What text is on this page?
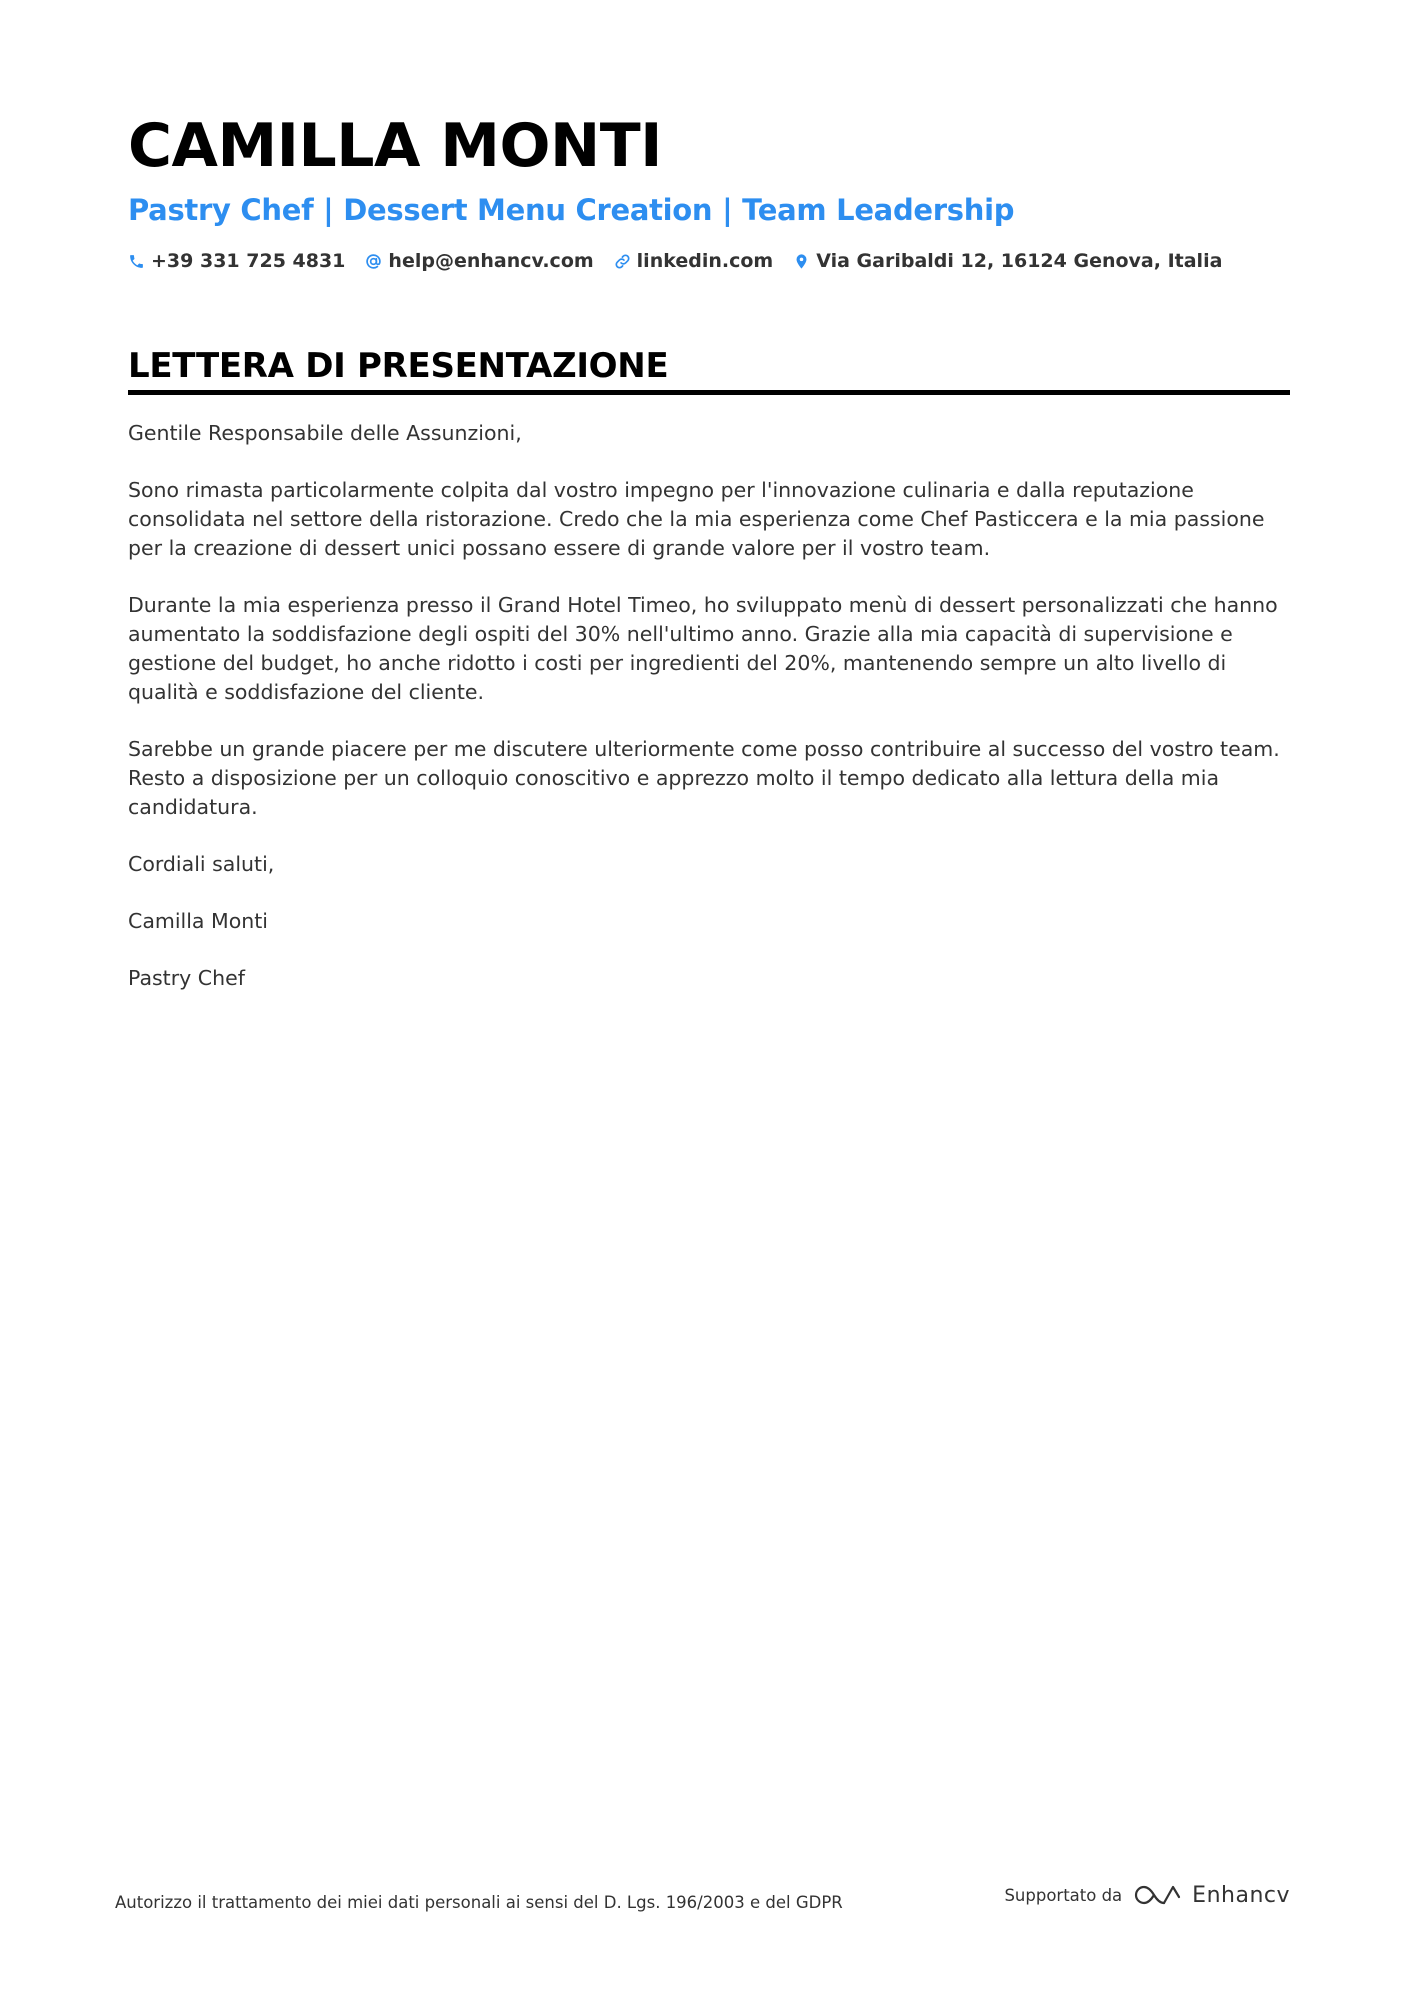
CAMILLA MONTI
Pastry Chef | Dessert Menu Creation | Team Leadership
+39 331 725 4831 help@enhancv.com linkedin.com Via Garibaldi 12, 16124 Genova, Italia
LETTERA DI PRESENTAZIONE

Gentile Responsabile delle Assunzioni,

Sono rimasta particolarmente colpita dal vostro impegno per l'innovazione culinaria e dalla reputazione consolidata nel settore della ristorazione. Credo che la mia esperienza come Chef Pasticcera e la mia passione per la creazione di dessert unici possano essere di grande valore per il vostro team.

Durante la mia esperienza presso il Grand Hotel Timeo, ho sviluppato menù di dessert personalizzati che hanno aumentato la soddisfazione degli ospiti del 30% nell'ultimo anno. Grazie alla mia capacità di supervisione e gestione del budget, ho anche ridotto i costi per ingredienti del 20%, mantenendo sempre un alto livello di qualità e soddisfazione del cliente.

Sarebbe un grande piacere per me discutere ulteriormente come posso contribuire al successo del vostro team. Resto a disposizione per un colloquio conoscitivo e apprezzo molto il tempo dedicato alla lettura della mia candidatura.

Cordiali saluti,

Camilla Monti

Pastry Chef

Autorizzo il trattamento dei miei dati personali ai sensi del D. Lgs. 196/2003 e del GDPR	Supportato da	Enhancv
